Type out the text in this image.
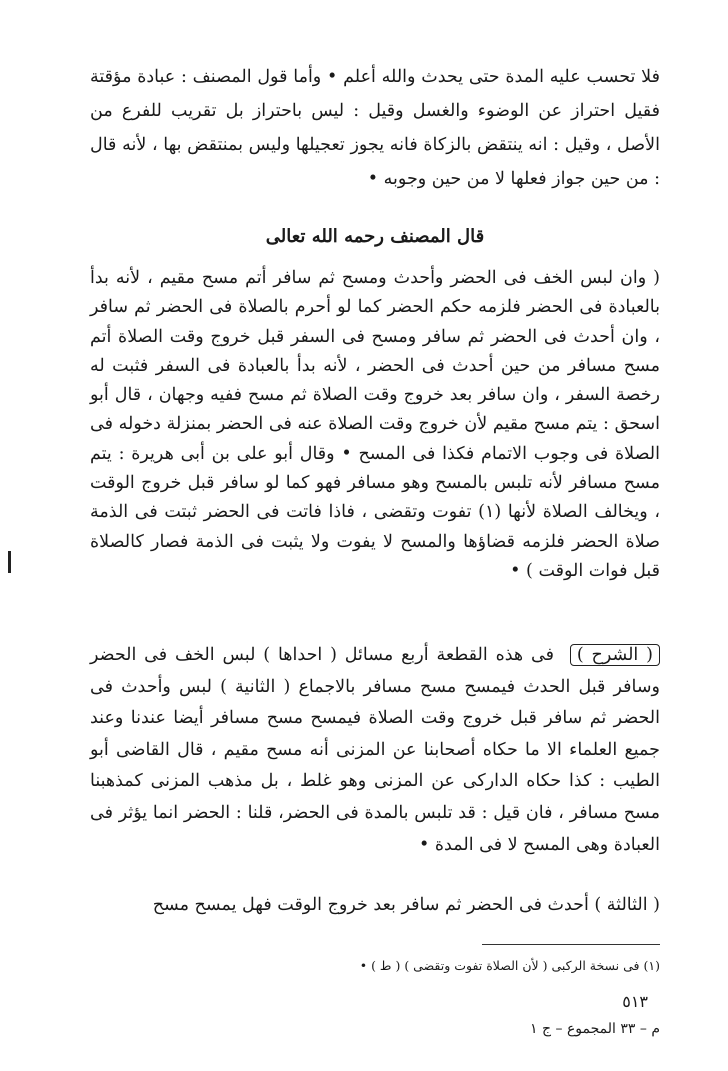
فلا تحسب عليه المدة حتى يحدث والله أعلم • وأما قول المصنف : عبادة مؤقتة فقيل احتراز عن الوضوء والغسل وقيل : ليس باحتراز بل تقريب للفرع من الأصل ، وقيل : انه ينتقض بالزكاة فانه يجوز تعجيلها وليس بمنتقض بها ، لأنه قال : من حين جواز فعلها لا من حين وجوبه •
قال المصنف رحمه الله تعالى
( وان لبس الخف فى الحضر وأحدث ومسح ثم سافر أتم مسح مقيم ، لأنه بدأ بالعبادة فى الحضر فلزمه حكم الحضر كما لو أحرم بالصلاة فى الحضر ثم سافر ، وان أحدث فى الحضر ثم سافر ومسح فى السفر قبل خروج وقت الصلاة أتم مسح مسافر من حين أحدث فى الحضر ، لأنه بدأ بالعبادة فى السفر فثبت له رخصة السفر ، وان سافر بعد خروج وقت الصلاة ثم مسح ففيه وجهان ، قال أبو اسحق : يتم مسح مقيم لأن خروج وقت الصلاة عنه فى الحضر بمنزلة دخوله فى الصلاة فى وجوب الاتمام فكذا فى المسح • وقال أبو على بن أبى هريرة : يتم مسح مسافر لأنه تلبس بالمسح وهو مسافر فهو كما لو سافر قبل خروج الوقت ، ويخالف الصلاة لأنها (١) تفوت وتقضى ، فاذا فاتت فى الحضر ثبتت فى الذمة صلاة الحضر فلزمه قضاؤها والمسح لا يفوت ولا يثبت فى الذمة فصار كالصلاة قبل فوات الوقت ) •
( الشرح ) فى هذه القطعة أربع مسائل ( احداها ) لبس الخف فى الحضر وسافر قبل الحدث فيمسح مسح مسافر بالاجماع ( الثانية ) لبس وأحدث فى الحضر ثم سافر قبل خروج وقت الصلاة فيمسح مسح مسافر أيضا عندنا وعند جميع العلماء الا ما حكاه أصحابنا عن المزنى أنه مسح مقيم ، قال القاضى أبو الطيب : كذا حكاه الداركى عن المزنى وهو غلط ، بل مذهب المزنى كمذهبنا مسح مسافر ، فان قيل : قد تلبس بالمدة فى الحضر، قلنا : الحضر انما يؤثر فى العبادة وهى المسح لا فى المدة •
( الثالثة ) أحدث فى الحضر ثم سافر بعد خروج الوقت فهل يمسح مسح
(١) فى نسخة الركبى ( لأن الصلاة تفوت وتقضى ) ( ط ) •
٥١٣
م – ٣٣ المجموع – ج ١
